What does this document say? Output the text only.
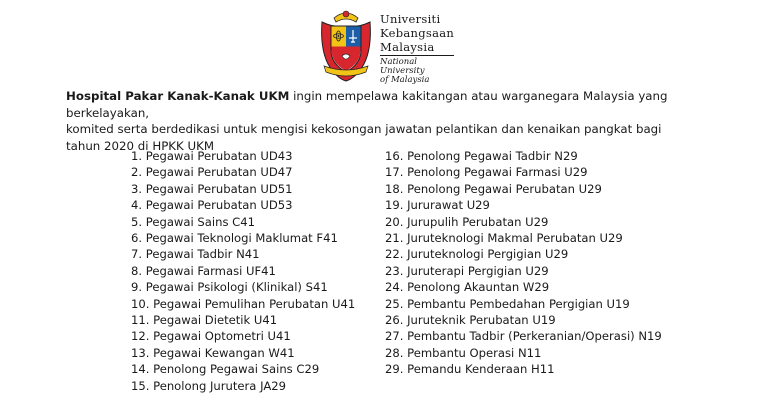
Universiti
Kebangsaan
Malaysia
National University
of Malaysia
Hospital Pakar Kanak-Kanak UKM ingin mempelawa kakitangan atau warganegara Malaysia yang berkelayakan,
komited serta berdedikasi untuk mengisi kekosongan jawatan pelantikan dan kenaikan pangkat bagi
tahun 2020 di HPKK UKM
1. Pegawai Perubatan UD43
2. Pegawai Perubatan UD47
3. Pegawai Perubatan UD51
4. Pegawai Perubatan UD53
5. Pegawai Sains C41
6. Pegawai Teknologi Maklumat F41
7. Pegawai Tadbir N41
8. Pegawai Farmasi UF41
9. Pegawai Psikologi (Klinikal) S41
10. Pegawai Pemulihan Perubatan U41
11. Pegawai Dietetik U41
12. Pegawai Optometri U41
13. Pegawai Kewangan W41
14. Penolong Pegawai Sains C29
15. Penolong Jurutera JA29
16. Penolong Pegawai Tadbir N29
17. Penolong Pegawai Farmasi U29
18. Penolong Pegawai Perubatan U29
19. Jururawat U29
20. Jurupulih Perubatan U29
21. Juruteknologi Makmal Perubatan U29
22. Juruteknologi Pergigian U29
23. Juruterapi Pergigian U29
24. Penolong Akauntan W29
25. Pembantu Pembedahan Pergigian U19
26. Juruteknik Perubatan U19
27. Pembantu Tadbir (Perkeranian/Operasi) N19
28. Pembantu Operasi N11
29. Pemandu Kenderaan H11
